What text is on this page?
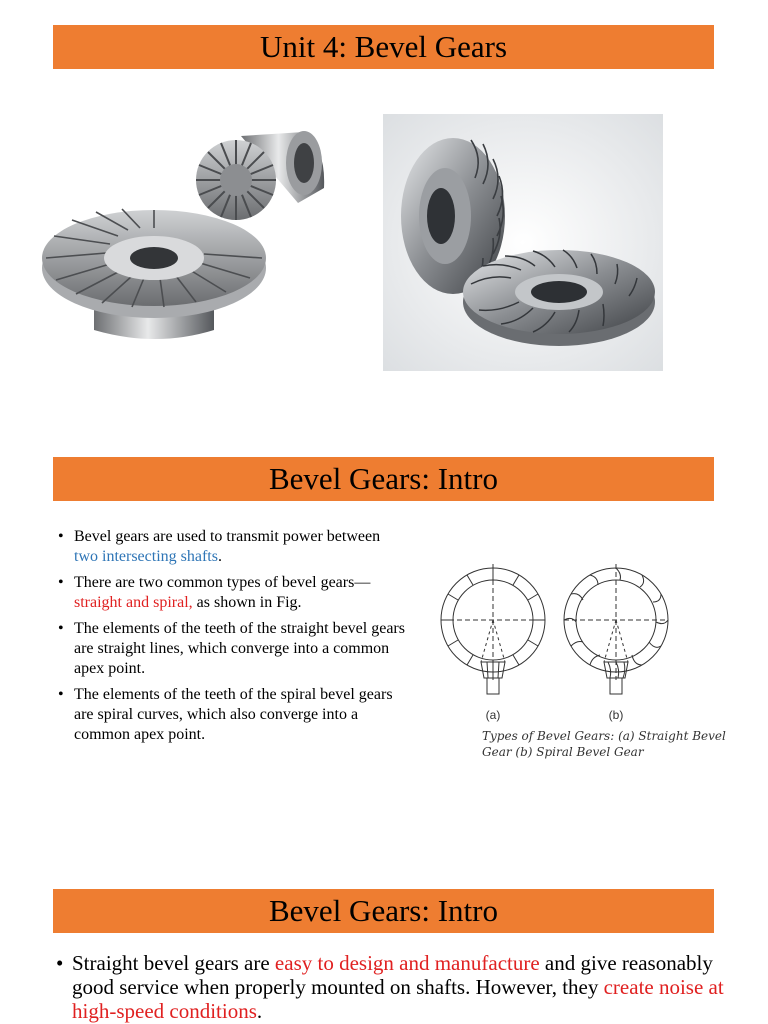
Unit 4: Bevel Gears
Bevel Gears: Intro
• Bevel gears are used to transmit power between two intersecting shafts.
• There are two common types of bevel gears—straight and spiral, as shown in Fig.
• The elements of the teeth of the straight bevel gears are straight lines, which converge into a common apex point.
• The elements of the teeth of the spiral bevel gears are spiral curves, which also converge into a common apex point.
(a)	(b)
Types of Bevel Gears: (a) Straight Bevel Gear (b) Spiral Bevel Gear
Bevel Gears: Intro
• Straight bevel gears are easy to design and manufacture and give reasonably good service when properly mounted on shafts. However, they create noise at high-speed conditions.
